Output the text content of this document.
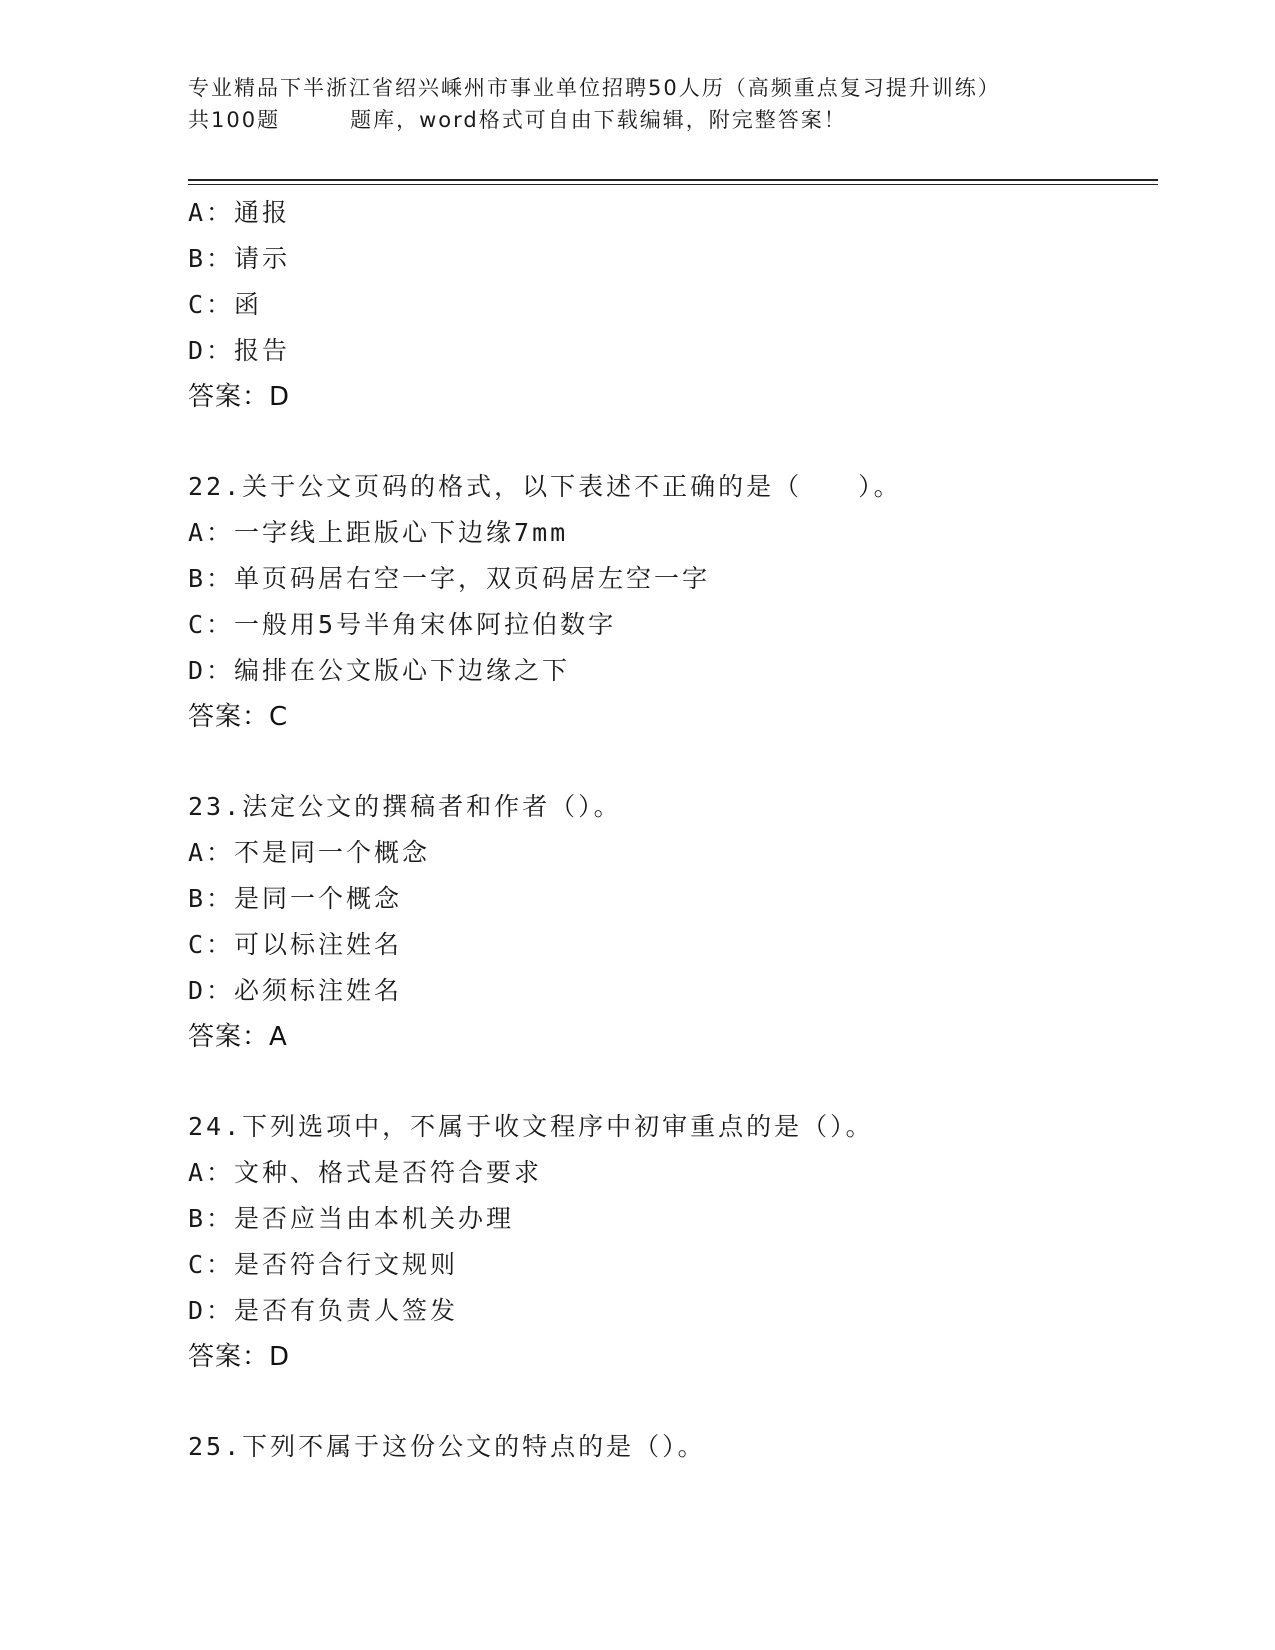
专业精品下半浙江省绍兴嵊州市事业单位招聘50人历（高频重点复习提升训练）
共100题	题库，word格式可自由下载编辑，附完整答案！
A：通报
B：请示
C：函
D：报告
答案：D
22.关于公文页码的格式，以下表述不正确的是（　　）。
A：一字线上距版心下边缘7mm
B：单页码居右空一字，双页码居左空一字
C：一般用5号半角宋体阿拉伯数字
D：编排在公文版心下边缘之下
答案：C
23.法定公文的撰稿者和作者（）。
A：不是同一个概念
B：是同一个概念
C：可以标注姓名
D：必须标注姓名
答案：A
24.下列选项中，不属于收文程序中初审重点的是（）。
A：文种、格式是否符合要求
B：是否应当由本机关办理
C：是否符合行文规则
D：是否有负责人签发
答案：D
25.下列不属于这份公文的特点的是（）。
